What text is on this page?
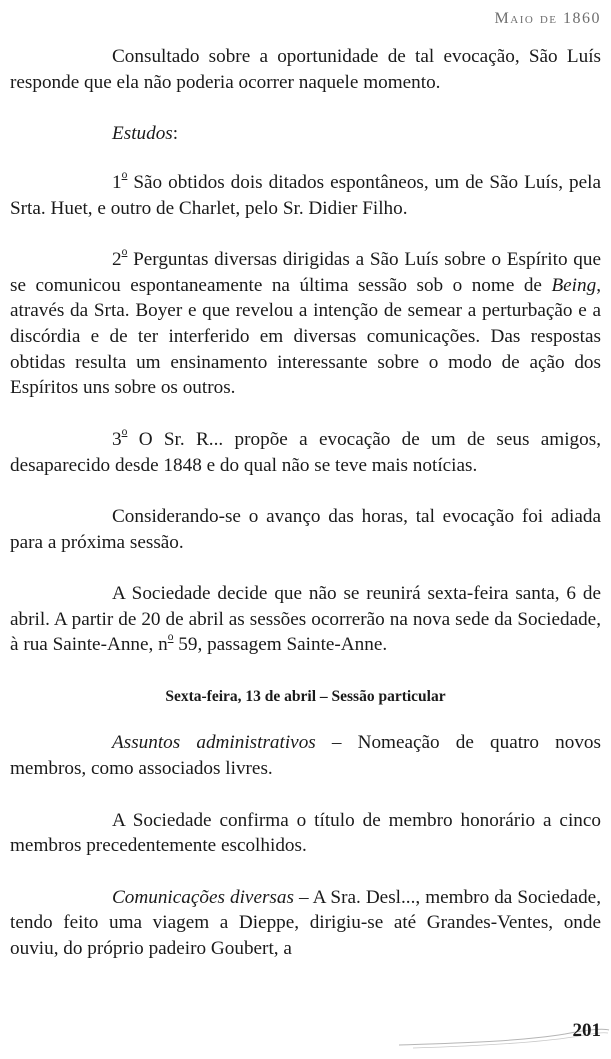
Maio de 1860

Consultado sobre a oportunidade de tal evocação, São Luís responde que ela não poderia ocorrer naquele momento.

Estudos:

1$^o$ São obtidos dois ditados espontâneos, um de São Luís, pela Srta. Huet, e outro de Charlet, pelo Sr. Didier Filho.

2$^o$ Perguntas diversas dirigidas a São Luís sobre o Espírito que se comunicou espontaneamente na última sessão sob o nome de Being, através da Srta. Boyer e que revelou a intenção de semear a perturbação e a discórdia e de ter interferido em diversas comunicações. Das respostas obtidas resulta um ensinamento interessante sobre o modo de ação dos Espíritos uns sobre os outros.

3$^o$ O Sr. R... propõe a evocação de um de seus amigos, desaparecido desde 1848 e do qual não se teve mais notícias.

Considerando-se o avanço das horas, tal evocação foi adiada para a próxima sessão.

A Sociedade decide que não se reunirá sexta-feira santa, 6 de abril. A partir de 20 de abril as sessões ocorrerão na nova sede da Sociedade, à rua Sainte-Anne, $n^o$ 59, passagem Sainte-Anne.

Sexta-feira, 13 de abril – Sessão particular

Assuntos administrativos – Nomeação de quatro novos membros, como associados livres.

A Sociedade confirma o título de membro honorário a cinco membros precedentemente escolhidos.

Comunicações diversas – A Sra. Desl..., membro da Sociedade, tendo feito uma viagem a Dieppe, dirigiu-se até Grandes-Ventes, onde ouviu, do próprio padeiro Goubert, a

201
